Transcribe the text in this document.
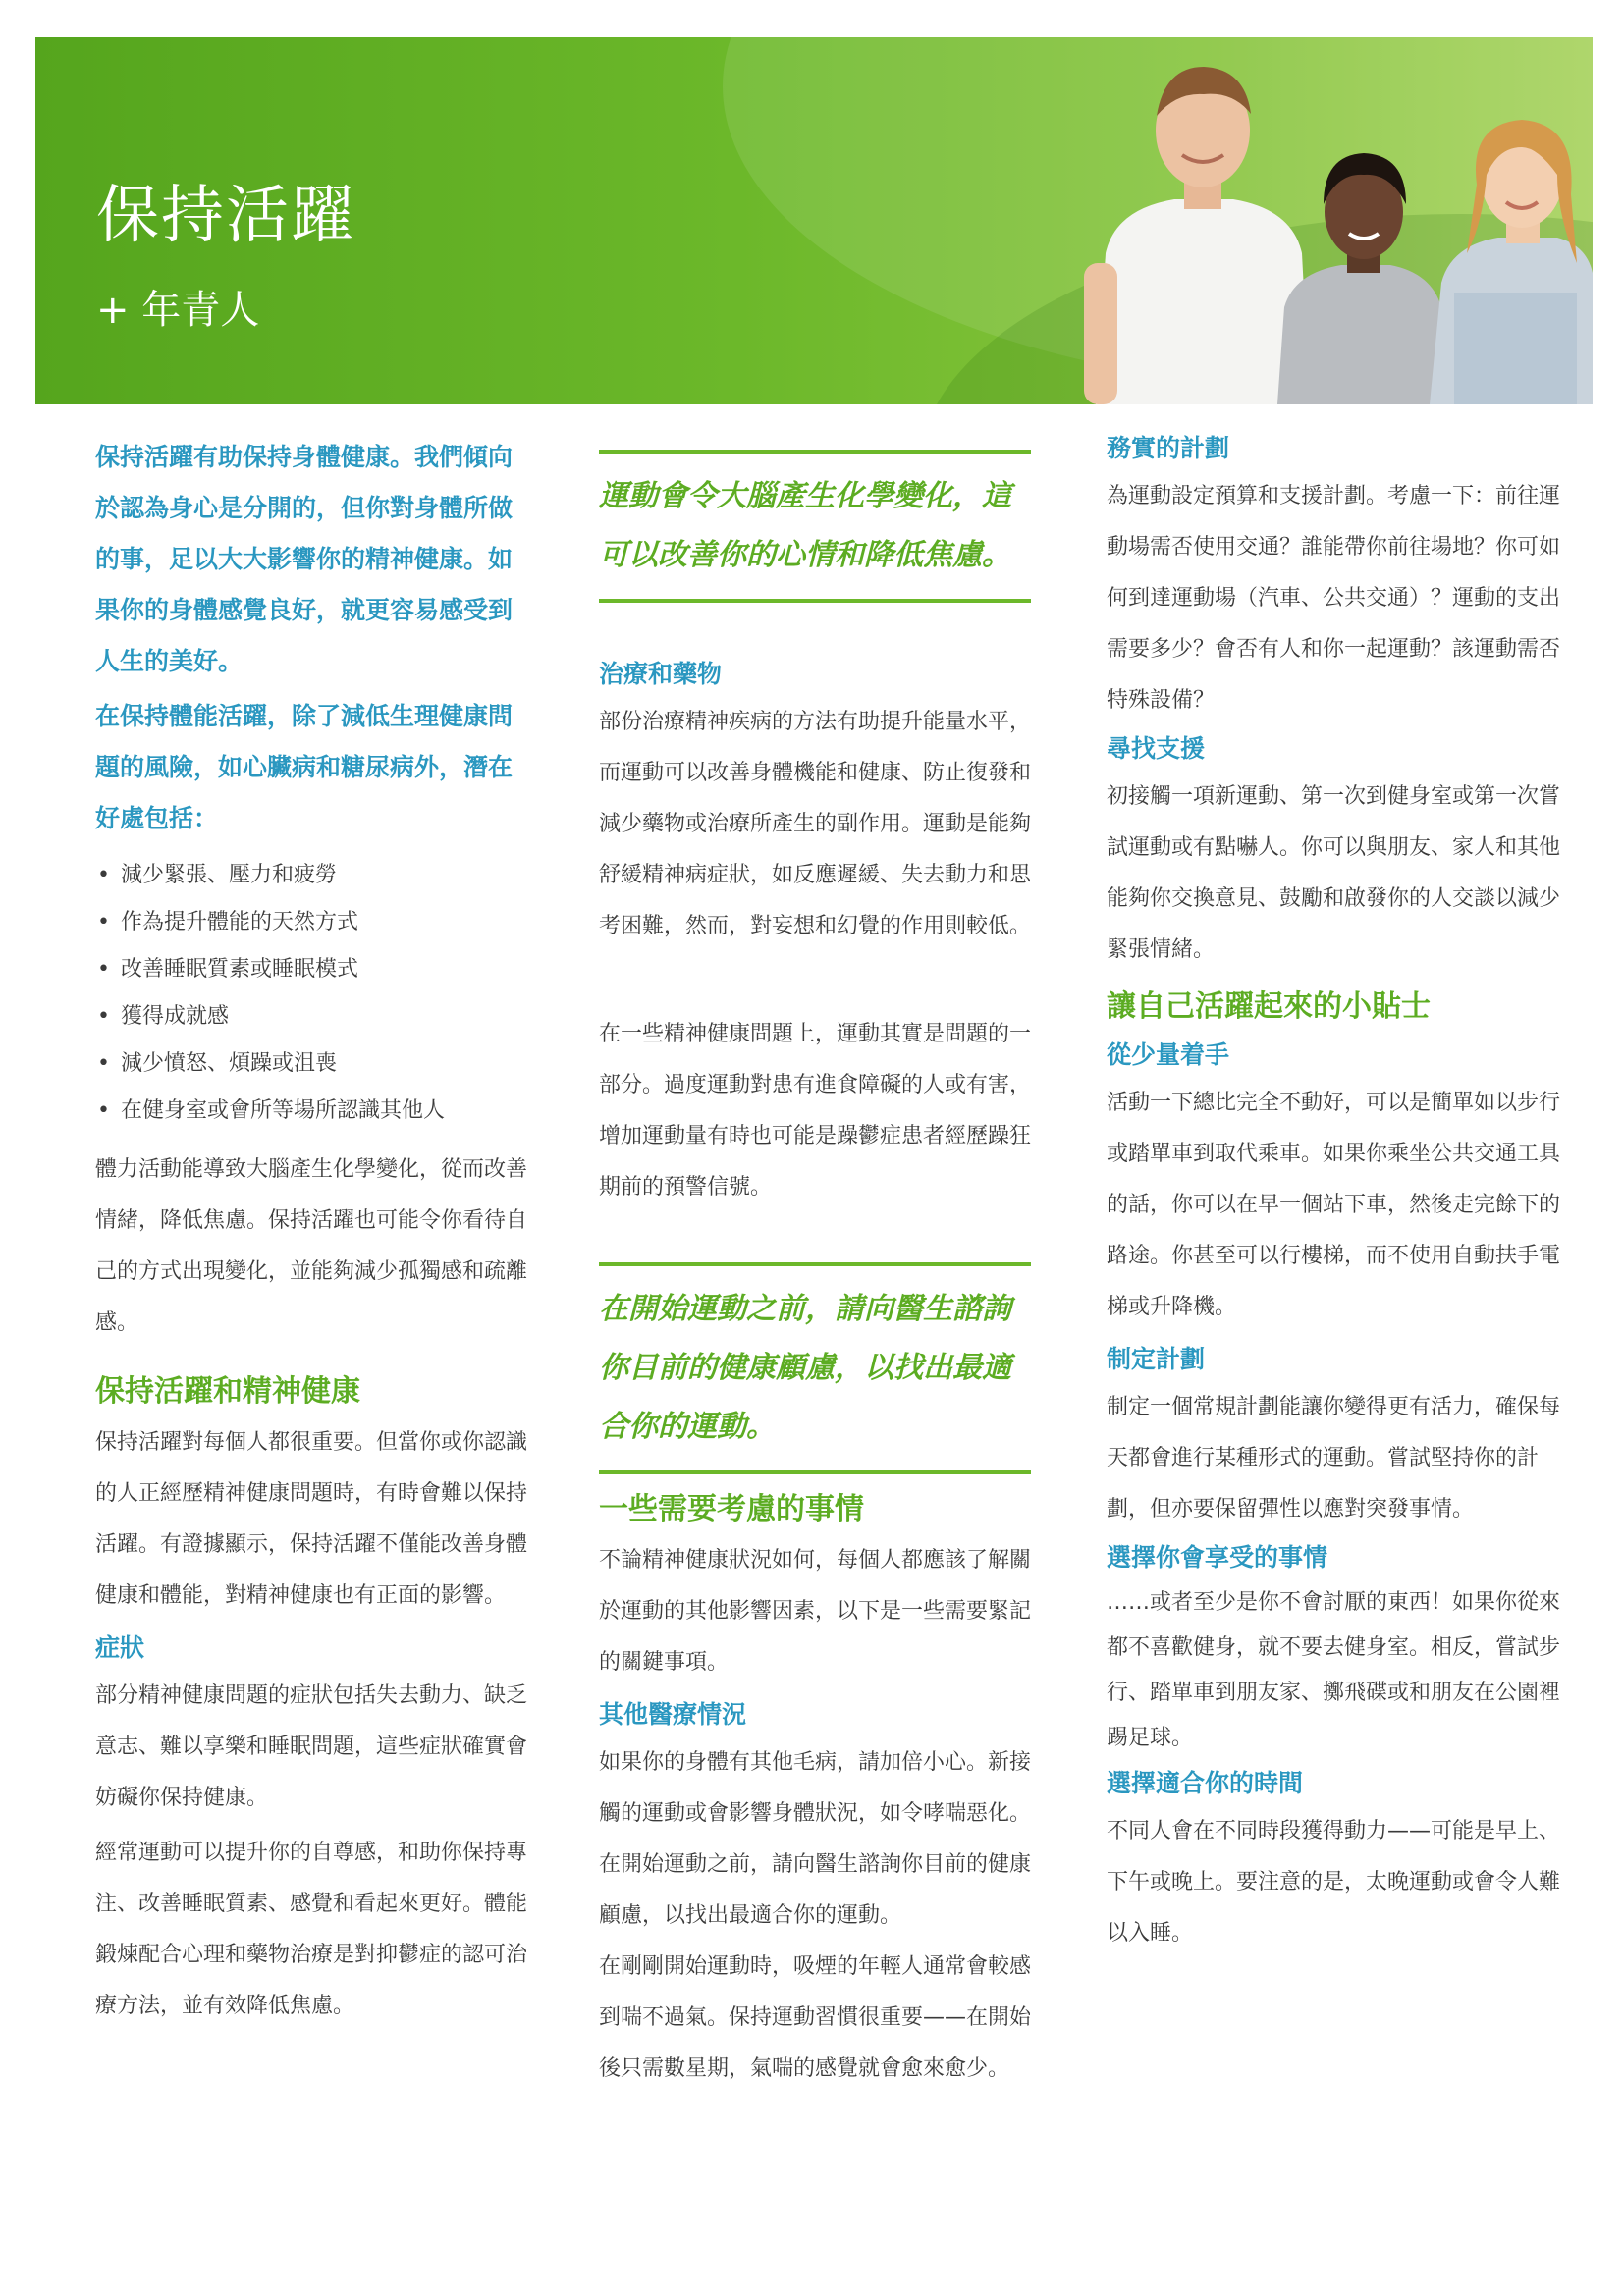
保持活躍

+ 年青人

保持活躍有助保持身體健康。我們傾向於認為身心是分開的，但你對身體所做的事，足以大大影響你的精神健康。如果你的身體感覺良好，就更容易感受到人生的美好。

在保持體能活躍，除了減低生理健康問題的風險，如心臟病和糖尿病外，潛在好處包括：

• 減少緊張、壓力和疲勞
• 作為提升體能的天然方式
• 改善睡眠質素或睡眠模式
• 獲得成就感
• 減少憤怒、煩躁或沮喪
• 在健身室或會所等場所認識其他人

體力活動能導致大腦產生化學變化，從而改善情緒，降低焦慮。保持活躍也可能令你看待自己的方式出現變化，並能夠減少孤獨感和疏離感。

保持活躍和精神健康

保持活躍對每個人都很重要。但當你或你認識的人正經歷精神健康問題時，有時會難以保持活躍。有證據顯示，保持活躍不僅能改善身體健康和體能，對精神健康也有正面的影響。

症狀

部分精神健康問題的症狀包括失去動力、缺乏意志、難以享樂和睡眠問題，這些症狀確實會妨礙你保持健康。

經常運動可以提升你的自尊感，和助你保持專注、改善睡眠質素、感覺和看起來更好。體能鍛煉配合心理和藥物治療是對抑鬱症的認可治療方法，並有效降低焦慮。

運動會令大腦產生化學變化，這可以改善你的心情和降低焦慮。

治療和藥物

部份治療精神疾病的方法有助提升能量水平，而運動可以改善身體機能和健康、防止復發和減少藥物或治療所產生的副作用。運動是能夠舒緩精神病症狀，如反應遲緩、失去動力和思考困難，然而，對妄想和幻覺的作用則較低。

在一些精神健康問題上，運動其實是問題的一部分。過度運動對患有進食障礙的人或有害，增加運動量有時也可能是躁鬱症患者經歷躁狂期前的預警信號。

在開始運動之前，請向醫生諮詢你目前的健康顧慮，以找出最適合你的運動。

一些需要考慮的事情

不論精神健康狀況如何，每個人都應該了解關於運動的其他影響因素，以下是一些需要緊記的關鍵事項。

其他醫療情況

如果你的身體有其他毛病，請加倍小心。新接觸的運動或會影響身體狀況，如令哮喘惡化。在開始運動之前，請向醫生諮詢你目前的健康顧慮，以找出最適合你的運動。

在剛剛開始運動時，吸煙的年輕人通常會較感到喘不過氣。保持運動習慣很重要——在開始後只需數星期，氣喘的感覺就會愈來愈少。

務實的計劃

為運動設定預算和支援計劃。考慮一下：前往運動場需否使用交通？誰能帶你前往場地？你可如何到達運動場（汽車、公共交通）？運動的支出需要多少？會否有人和你一起運動？該運動需否特殊設備？

尋找支援

初接觸一項新運動、第一次到健身室或第一次嘗試運動或有點嚇人。你可以與朋友、家人和其他能夠你交換意見、鼓勵和啟發你的人交談以減少緊張情緒。

讓自己活躍起來的小貼士

從少量着手

活動一下總比完全不動好，可以是簡單如以步行或踏單車到取代乘車。如果你乘坐公共交通工具的話，你可以在早一個站下車，然後走完餘下的路途。你甚至可以行樓梯，而不使用自動扶手電梯或升降機。

制定計劃

制定一個常規計劃能讓你變得更有活力，確保每天都會進行某種形式的運動。嘗試堅持你的計劃，但亦要保留彈性以應對突發事情。

選擇你會享受的事情

……或者至少是你不會討厭的東西！如果你從來都不喜歡健身，就不要去健身室。相反，嘗試步行、踏單車到朋友家、擲飛碟或和朋友在公園裡踢足球。

選擇適合你的時間

不同人會在不同時段獲得動力——可能是早上、下午或晚上。要注意的是，太晚運動或會令人難以入睡。
